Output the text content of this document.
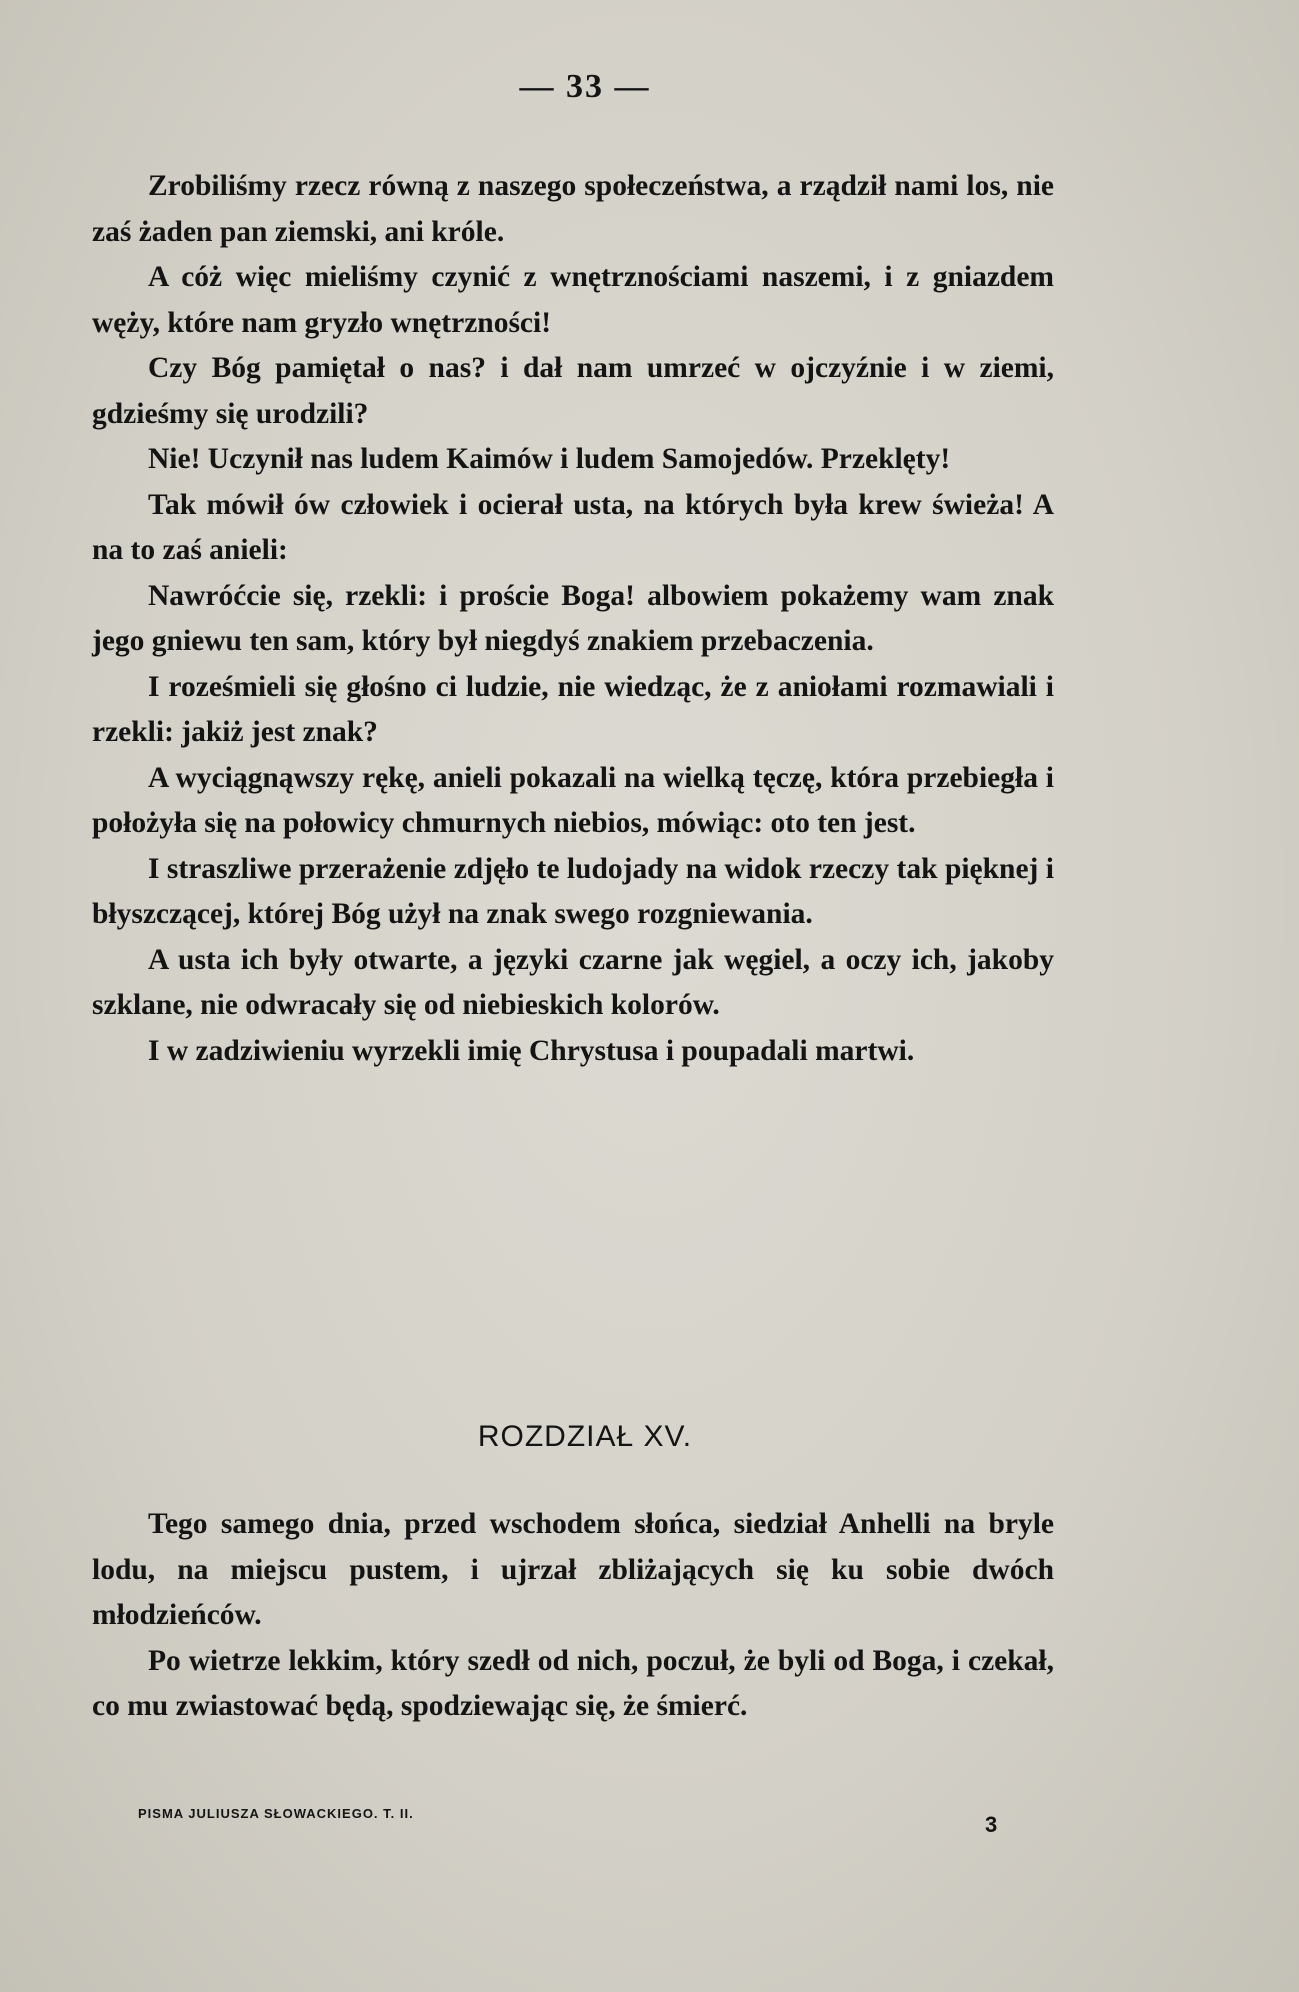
— 33 —

Zrobiliśmy rzecz równą z naszego społeczeństwa, a rządził nami los, nie zaś żaden pan ziemski, ani króle.

A cóż więc mieliśmy czynić z wnętrznościami naszemi, i z gniazdem węży, które nam gryzło wnętrzności!

Czy Bóg pamiętał o nas? i dał nam umrzeć w ojczyźnie i w ziemi, gdzieśmy się urodzili?

Nie! Uczynił nas ludem Kaimów i ludem Samojedów. Przeklęty!

Tak mówił ów człowiek i ocierał usta, na których była krew świeża! A na to zaś anieli:

Nawróćcie się, rzekli: i proście Boga! albowiem pokażemy wam znak jego gniewu ten sam, który był niegdyś znakiem przebaczenia.

I roześmieli się głośno ci ludzie, nie wiedząc, że z aniołami rozmawiali i rzekli: jakiż jest znak?

A wyciągnąwszy rękę, anieli pokazali na wielką tęczę, która przebiegła i położyła się na połowicy chmurnych niebios, mówiąc: oto ten jest.

I straszliwe przerażenie zdjęło te ludojady na widok rzeczy tak pięknej i błyszczącej, której Bóg użył na znak swego rozgniewania.

A usta ich były otwarte, a języki czarne jak węgiel, a oczy ich, jakoby szklane, nie odwracały się od niebieskich kolorów.

I w zadziwieniu wyrzekli imię Chrystusa i poupadali martwi.

ROZDZIAŁ XV.

Tego samego dnia, przed wschodem słońca, siedział Anhelli na bryle lodu, na miejscu pustem, i ujrzał zbliżających się ku sobie dwóch młodzieńców.

Po wietrze lekkim, który szedł od nich, poczuł, że byli od Boga, i czekał, co mu zwiastować będą, spodziewając się, że śmierć.

PISMA JULIUSZA SŁOWACKIEGO. T. II.	3
